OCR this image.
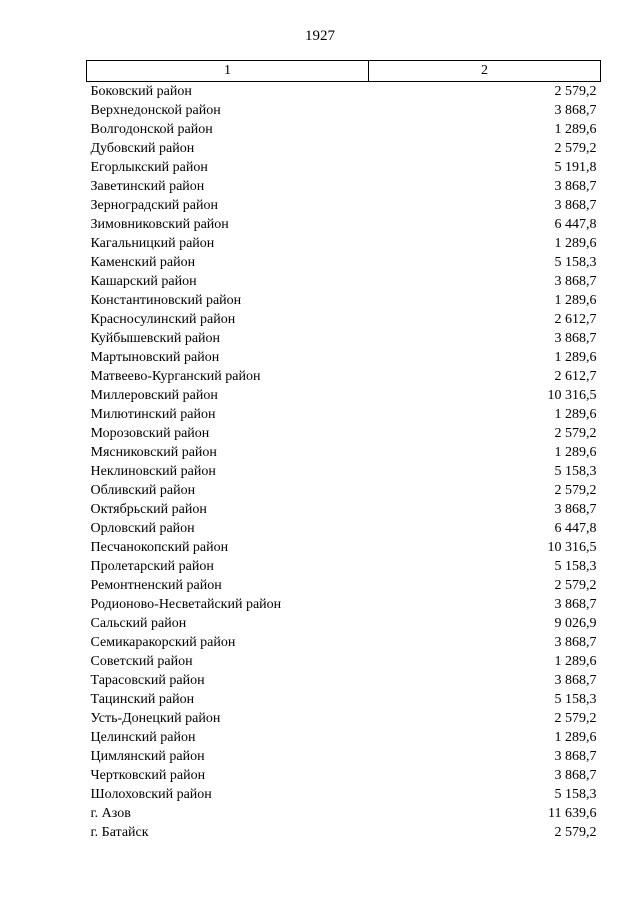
1927
1	2
Боковский район	2 579,2
Верхнедонской район	3 868,7
Волгодонской район	1 289,6
Дубовский район	2 579,2
Егорлыкский район	5 191,8
Заветинский район	3 868,7
Зерноградский район	3 868,7
Зимовниковский район	6 447,8
Кагальницкий район	1 289,6
Каменский район	5 158,3
Кашарский район	3 868,7
Константиновский район	1 289,6
Красносулинский район	2 612,7
Куйбышевский район	3 868,7
Мартыновский район	1 289,6
Матвеево-Курганский район	2 612,7
Миллеровский район	10 316,5
Милютинский район	1 289,6
Морозовский район	2 579,2
Мясниковский район	1 289,6
Неклиновский район	5 158,3
Обливский район	2 579,2
Октябрьский район	3 868,7
Орловский район	6 447,8
Песчанокопский район	10 316,5
Пролетарский район	5 158,3
Ремонтненский район	2 579,2
Родионово-Несветайский район	3 868,7
Сальский район	9 026,9
Семикаракорский район	3 868,7
Советский район	1 289,6
Тарасовский район	3 868,7
Тацинский район	5 158,3
Усть-Донецкий район	2 579,2
Целинский район	1 289,6
Цимлянский район	3 868,7
Чертковский район	3 868,7
Шолоховский район	5 158,3
г. Азов	11 639,6
г. Батайск	2 579,2
